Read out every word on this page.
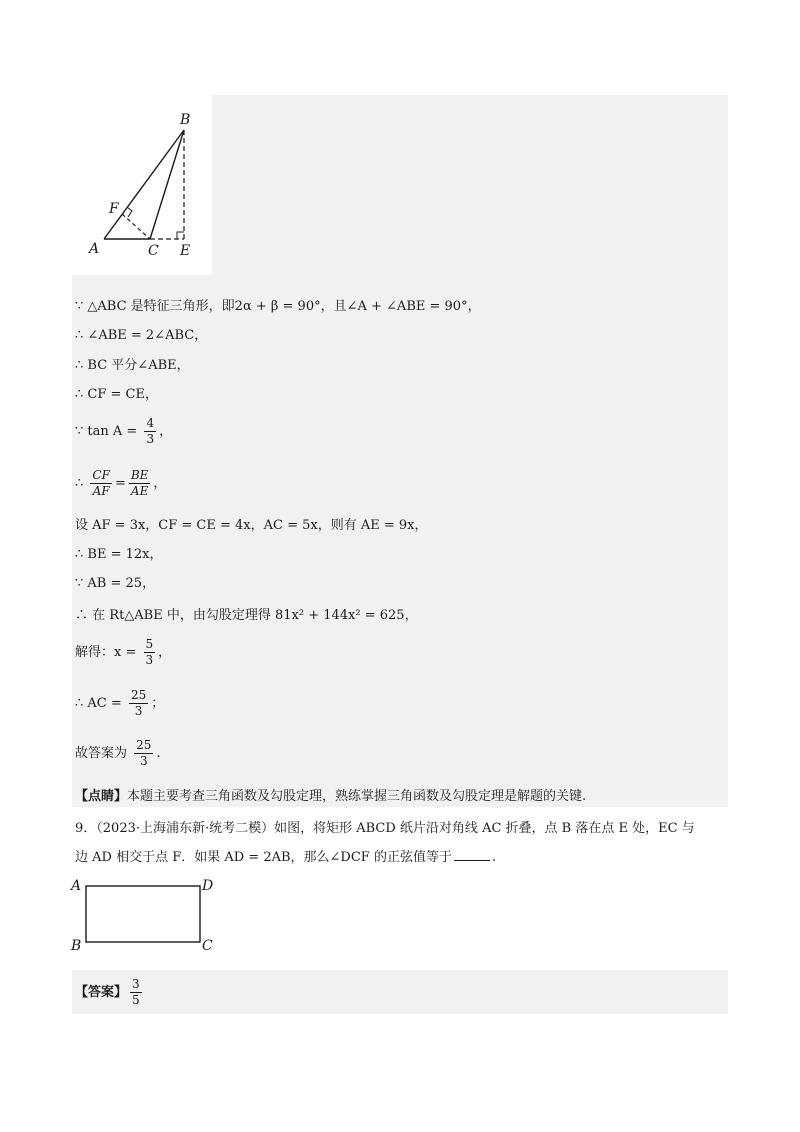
B
F
A	C E
∵ △ABC 是特征三角形，即2α + β = 90°，且∠A + ∠ABE = 90°，
∴ ∠ABE = 2∠ABC，
∴ BC 平分∠ABE，
∴ CF = CE，
∵ $\tan A = \frac{4}{3}$ ，
∴ $\frac{CF}{AF} = \frac{BE}{AE}$ ，
设 AF = 3x，CF = CE = 4x，AC = 5x，则有 AE = 9x，
∴ BE = 12x，
∵ AB = 25，
∴ 在 Rt△ABE 中，由勾股定理得 81x² + 144x² = 625，
解得：$x = \frac{5}{3}$ ，
∴ AC = $\frac{25}{3}$ ；
故答案为 $\frac{25}{3}$ .
【点睛】本题主要考查三角函数及勾股定理，熟练掌握三角函数及勾股定理是解题的关键.
9．（2023·上海浦东新·统考二模）如图，将矩形 ABCD 纸片沿对角线 AC 折叠，点 B 落在点 E 处，EC 与
边 AD 相交于点 F．如果 AD = 2AB，那么∠DCF 的正弦值等于	.
A	D
B	C
【答案】 $\frac{3}{5}$
